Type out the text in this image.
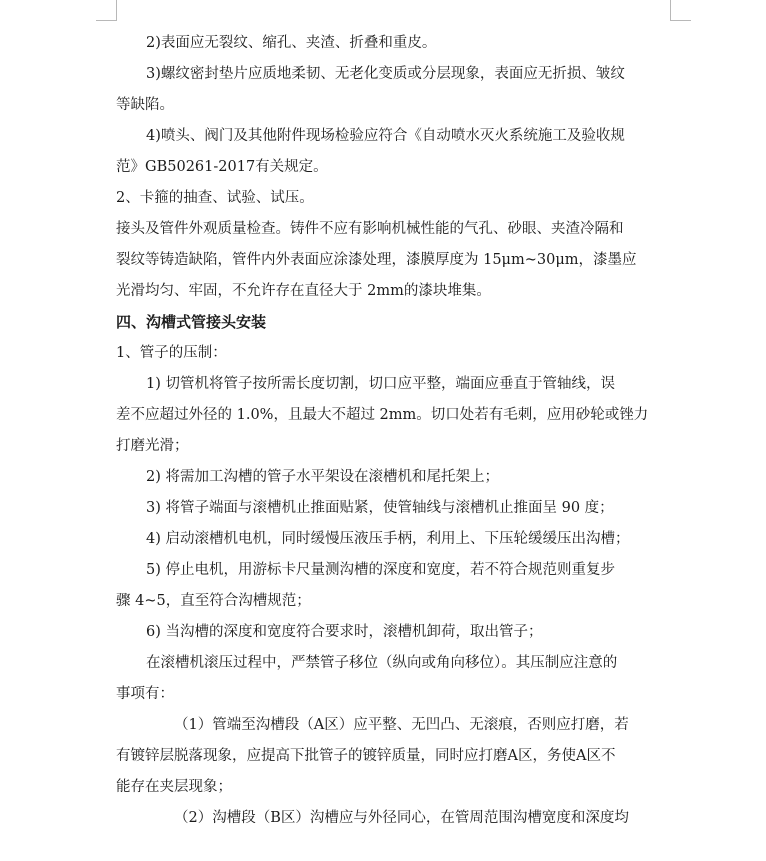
2)表面应无裂纹、缩孔、夹渣、折叠和重皮。

3)螺纹密封垫片应质地柔韧、无老化变质或分层现象，表面应无折损、皱纹

等缺陷。

4)喷头、阀门及其他附件现场检验应符合《自动喷水灭火系统施工及验收规

范》GB50261-2017有关规定。

2、卡箍的抽查、试验、试压。

接头及管件外观质量检查。铸件不应有影响机械性能的气孔、砂眼、夹渣冷隔和

裂纹等铸造缺陷，管件内外表面应涂漆处理，漆膜厚度为 15μm~30μm，漆墨应

光滑均匀、牢固，不允许存在直径大于 2mm的漆块堆集。

四、沟槽式管接头安装

1、管子的压制：

1) 切管机将管子按所需长度切割，切口应平整，端面应垂直于管轴线，误

差不应超过外径的 1.0%，且最大不超过 2mm。切口处若有毛刺，应用砂轮或锉力

打磨光滑；

2) 将需加工沟槽的管子水平架设在滚槽机和尾托架上；

3) 将管子端面与滚槽机止推面贴紧，使管轴线与滚槽机止推面呈 90 度；

4) 启动滚槽机电机，同时缓慢压液压手柄，利用上、下压轮缓缓压出沟槽；

5) 停止电机，用游标卡尺量测沟槽的深度和宽度，若不符合规范则重复步

骤 4~5，直至符合沟槽规范；

6) 当沟槽的深度和宽度符合要求时，滚槽机卸荷，取出管子；

在滚槽机滚压过程中，严禁管子移位（纵向或角向移位）。其压制应注意的

事项有：

（1）管端至沟槽段（A区）应平整、无凹凸、无滚痕，否则应打磨，若

有镀锌层脱落现象，应提高下批管子的镀锌质量，同时应打磨A区，务使A区不

能存在夹层现象；

（2）沟槽段（B区）沟槽应与外径同心，在管周范围沟槽宽度和深度均
